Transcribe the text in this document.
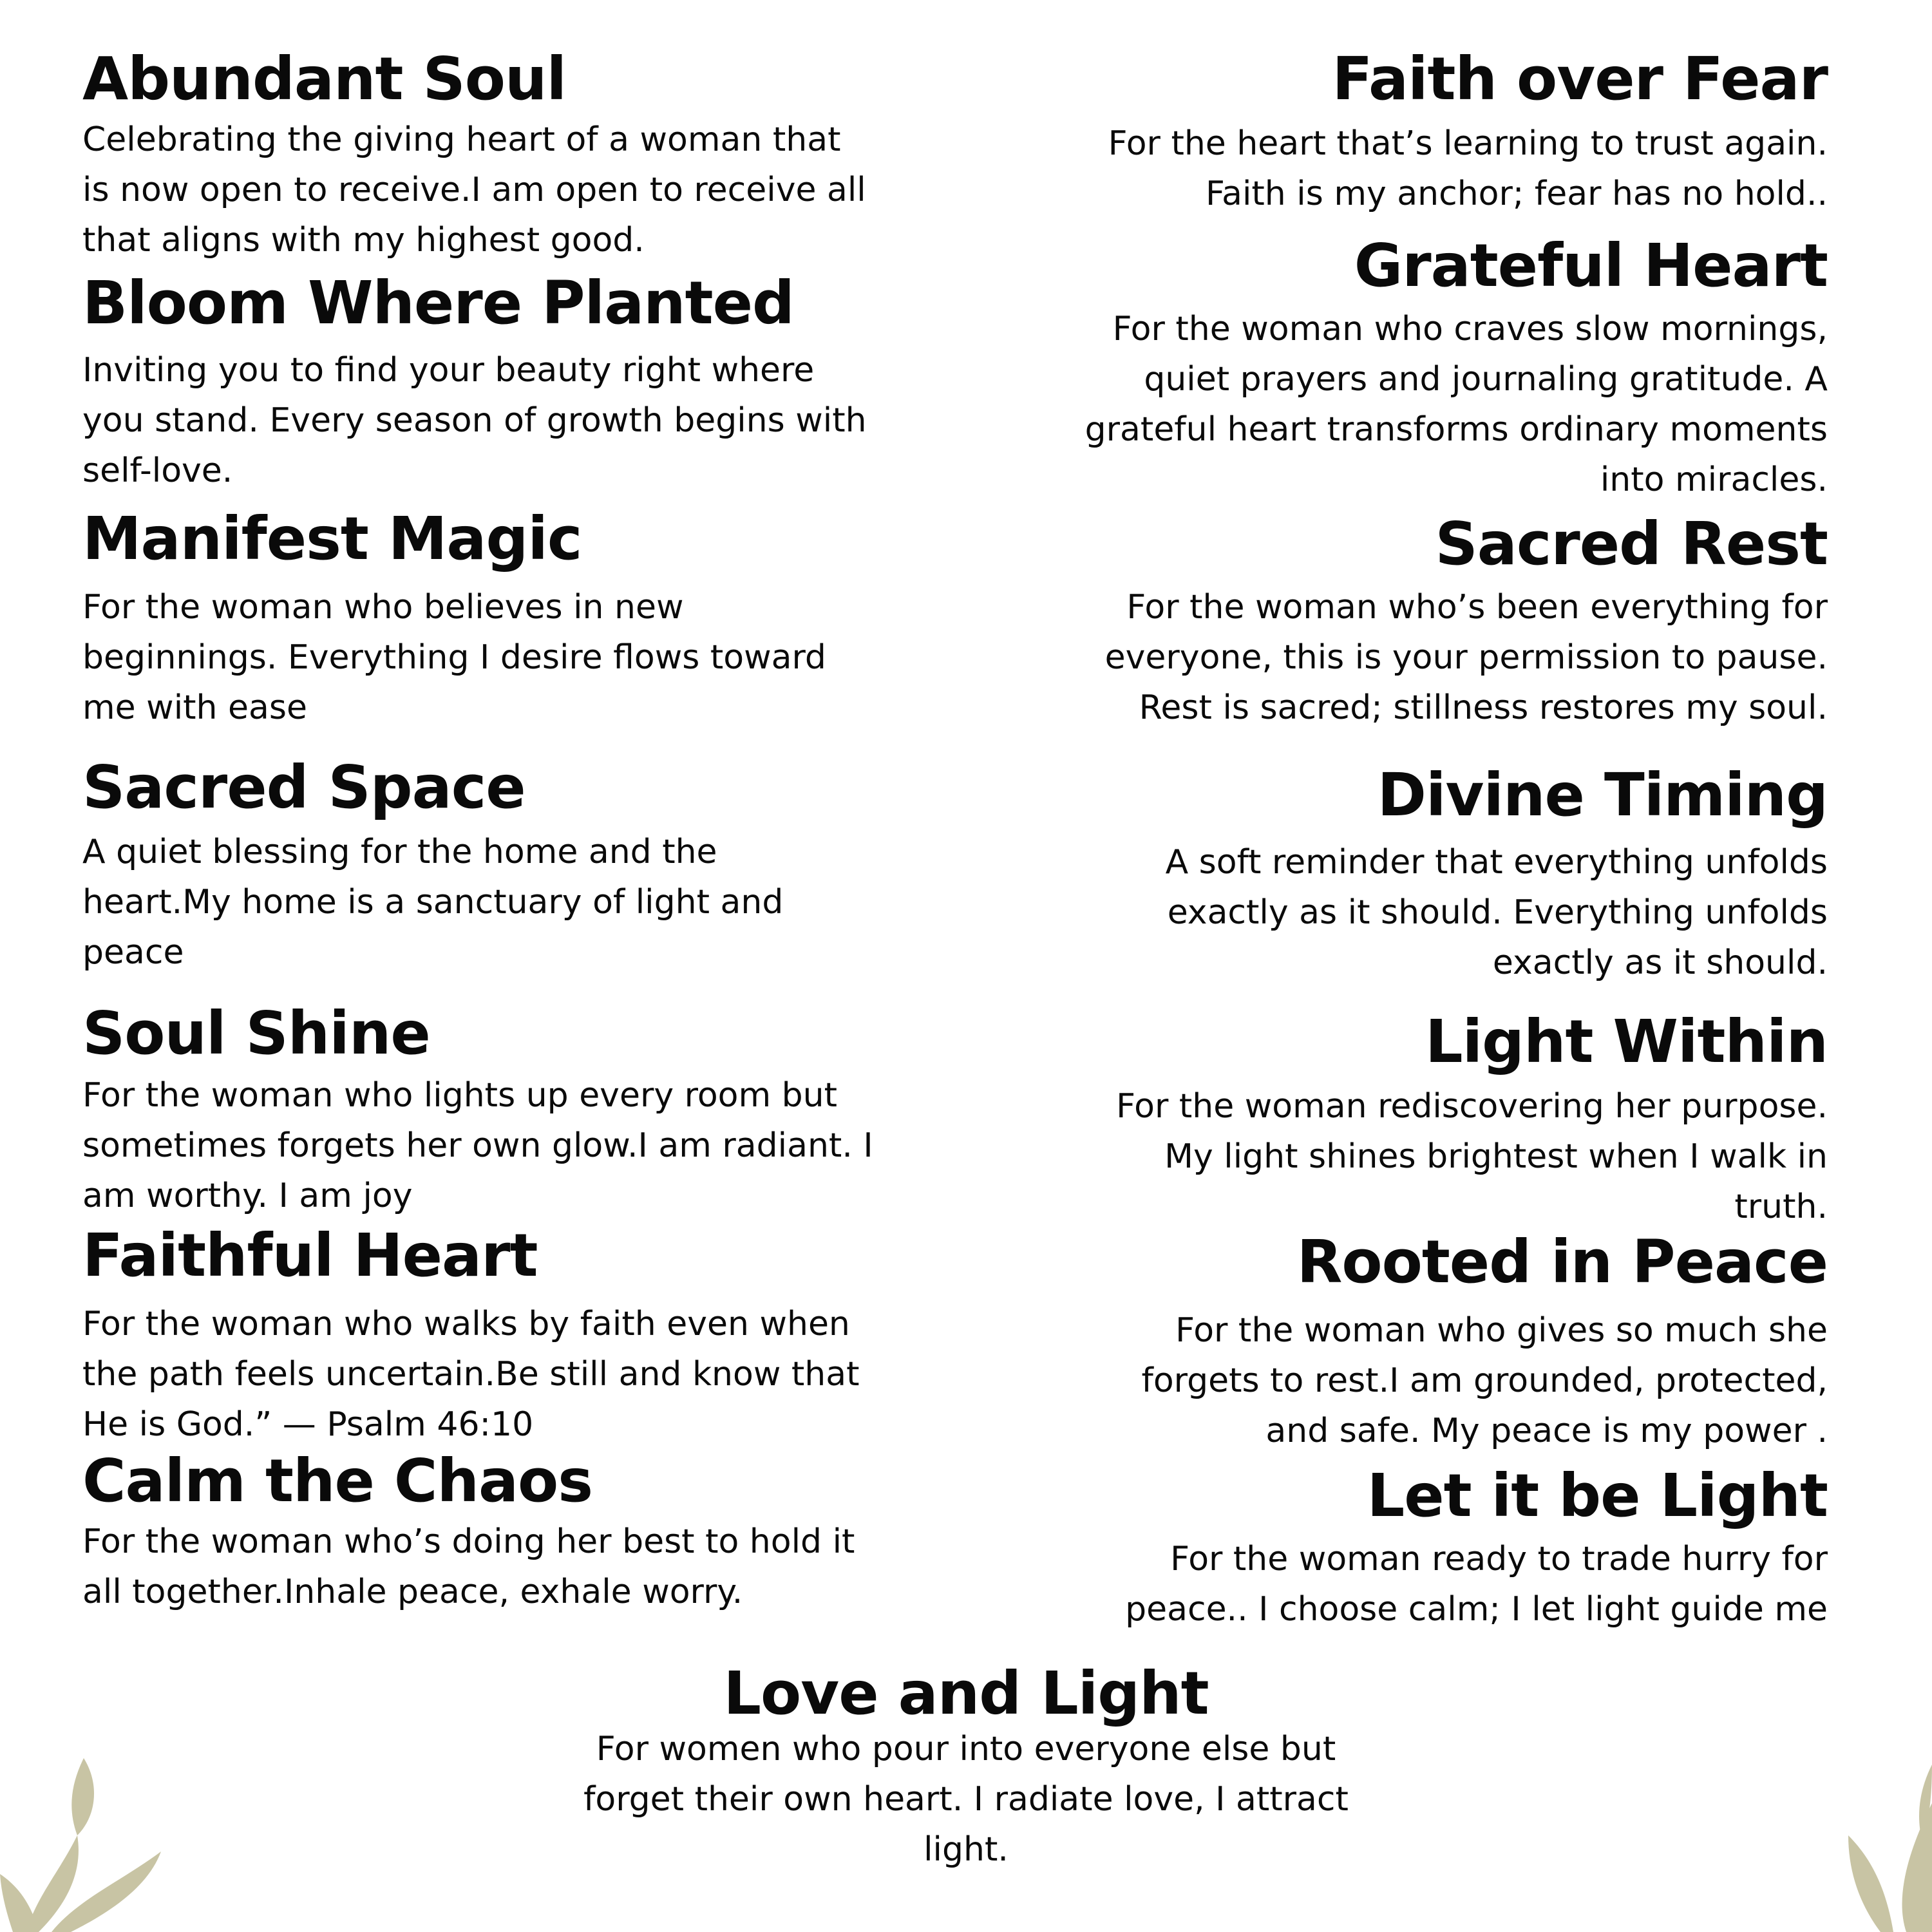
Abundant Soul

Celebrating the giving heart of a woman that is now open to receive.I am open to receive all that aligns with my highest good.

Bloom Where Planted

Inviting you to find your beauty right where you stand. Every season of growth begins with self-love.

Manifest Magic

For the woman who believes in new beginnings. Everything I desire flows toward me with ease

Sacred Space

A quiet blessing for the home and the heart.My home is a sanctuary of light and peace

Soul Shine

For the woman who lights up every room but sometimes forgets her own glow.I am radiant. I am worthy. I am joy

Faithful Heart

For the woman who walks by faith even when the path feels uncertain.Be still and know that He is God.” — Psalm 46:10

Calm the Chaos

For the woman who’s doing her best to hold it all together.Inhale peace, exhale worry.

Faith over Fear

For the heart that’s learning to trust again. Faith is my anchor; fear has no hold..

Grateful Heart

For the woman who craves slow mornings, quiet prayers and journaling gratitude. A grateful heart transforms ordinary moments into miracles.

Sacred Rest

For the woman who’s been everything for everyone, this is your permission to pause. Rest is sacred; stillness restores my soul.

Divine Timing

A soft reminder that everything unfolds exactly as it should. Everything unfolds exactly as it should.

Light Within

For the woman rediscovering her purpose. My light shines brightest when I walk in truth.

Rooted in Peace

For the woman who gives so much she forgets to rest.I am grounded, protected, and safe. My peace is my power .

Let it be Light

For the woman ready to trade hurry for peace.. I choose calm; I let light guide me

Love and Light

For women who pour into everyone else but forget their own heart. I radiate love, I attract light.
